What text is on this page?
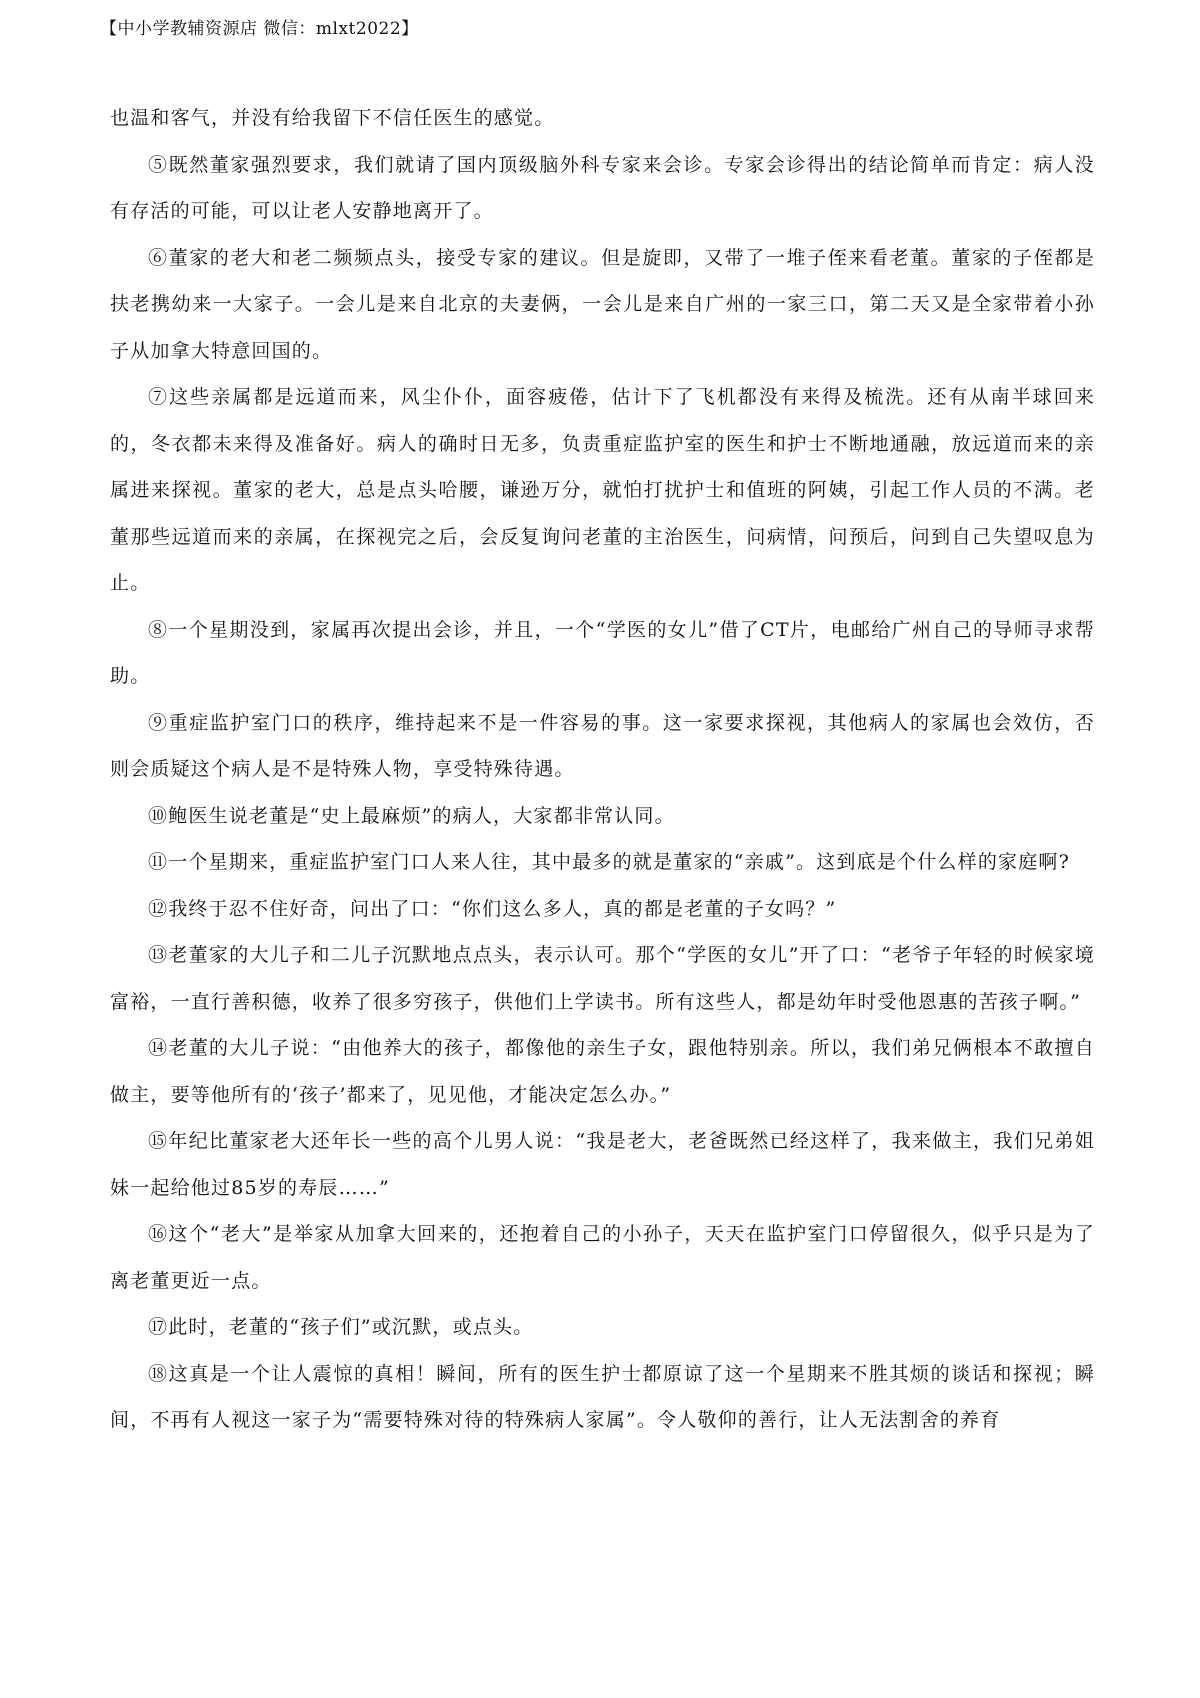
【中小学教辅资源店 微信：mlxt2022】

也温和客气，并没有给我留下不信任医生的感觉。

⑤既然董家强烈要求，我们就请了国内顶级脑外科专家来会诊。专家会诊得出的结论简单而肯定：病人没有存活的可能，可以让老人安静地离开了。

⑥董家的老大和老二频频点头，接受专家的建议。但是旋即，又带了一堆子侄来看老董。董家的子侄都是扶老携幼来一大家子。一会儿是来自北京的夫妻俩，一会儿是来自广州的一家三口，第二天又是全家带着小孙子从加拿大特意回国的。

⑦这些亲属都是远道而来，风尘仆仆，面容疲倦，估计下了飞机都没有来得及梳洗。还有从南半球回来的，冬衣都未来得及准备好。病人的确时日无多，负责重症监护室的医生和护士不断地通融，放远道而来的亲属进来探视。董家的老大，总是点头哈腰，谦逊万分，就怕打扰护士和值班的阿姨，引起工作人员的不满。老董那些远道而来的亲属，在探视完之后，会反复询问老董的主治医生，问病情，问预后，问到自己失望叹息为止。

⑧一个星期没到，家属再次提出会诊，并且，一个“学医的女儿”借了CT片，电邮给广州自己的导师寻求帮助。

⑨重症监护室门口的秩序，维持起来不是一件容易的事。这一家要求探视，其他病人的家属也会效仿，否则会质疑这个病人是不是特殊人物，享受特殊待遇。

⑩鲍医生说老董是“史上最麻烦”的病人，大家都非常认同。

⑪一个星期来，重症监护室门口人来人往，其中最多的就是董家的“亲戚”。这到底是个什么样的家庭啊?

⑫我终于忍不住好奇，问出了口：“你们这么多人，真的都是老董的子女吗？”

⑬老董家的大儿子和二儿子沉默地点点头，表示认可。那个“学医的女儿”开了口：“老爷子年轻的时候家境富裕，一直行善积德，收养了很多穷孩子，供他们上学读书。所有这些人，都是幼年时受他恩惠的苦孩子啊。”

⑭老董的大儿子说：“由他养大的孩子，都像他的亲生子女，跟他特别亲。所以，我们弟兄俩根本不敢擅自做主，要等他所有的‘孩子’都来了，见见他，才能决定怎么办。”

⑮年纪比董家老大还年长一些的高个儿男人说：“我是老大，老爸既然已经这样了，我来做主，我们兄弟姐妹一起给他过85岁的寿辰……”

⑯这个“老大”是举家从加拿大回来的，还抱着自己的小孙子，天天在监护室门口停留很久，似乎只是为了离老董更近一点。

⑰此时，老董的“孩子们”或沉默，或点头。

⑱这真是一个让人震惊的真相！瞬间，所有的医生护士都原谅了这一个星期来不胜其烦的谈话和探视；瞬间，不再有人视这一家子为“需要特殊对待的特殊病人家属”。令人敬仰的善行，让人无法割舍的养育
